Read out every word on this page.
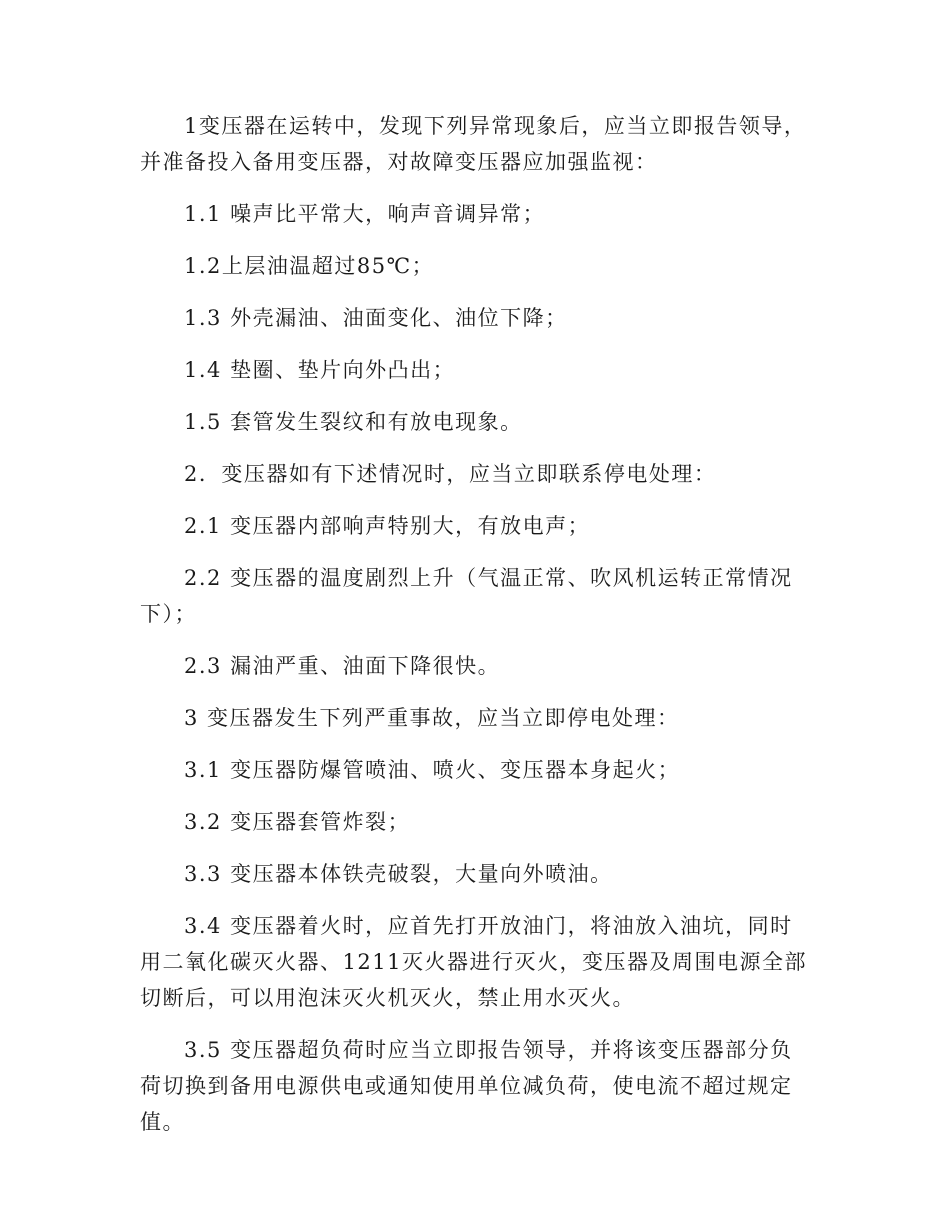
1变压器在运转中，发现下列异常现象后，应当立即报告领导，并准备投入备用变压器，对故障变压器应加强监视：

1.1 噪声比平常大，响声音调异常；

1.2上层油温超过85℃；

1.3 外壳漏油、油面变化、油位下降；

1.4 垫圈、垫片向外凸出；

1.5 套管发生裂纹和有放电现象。

2．变压器如有下述情况时，应当立即联系停电处理：

2.1 变压器内部响声特别大，有放电声；

2.2 变压器的温度剧烈上升（气温正常、吹风机运转正常情况下）；

2.3 漏油严重、油面下降很快。

3 变压器发生下列严重事故，应当立即停电处理：

3.1 变压器防爆管喷油、喷火、变压器本身起火；

3.2 变压器套管炸裂；

3.3 变压器本体铁壳破裂，大量向外喷油。

3.4 变压器着火时，应首先打开放油门，将油放入油坑，同时用二氧化碳灭火器、1211灭火器进行灭火，变压器及周围电源全部切断后，可以用泡沫灭火机灭火，禁止用水灭火。

3.5 变压器超负荷时应当立即报告领导，并将该变压器部分负荷切换到备用电源供电或通知使用单位减负荷，使电流不超过规定值。
